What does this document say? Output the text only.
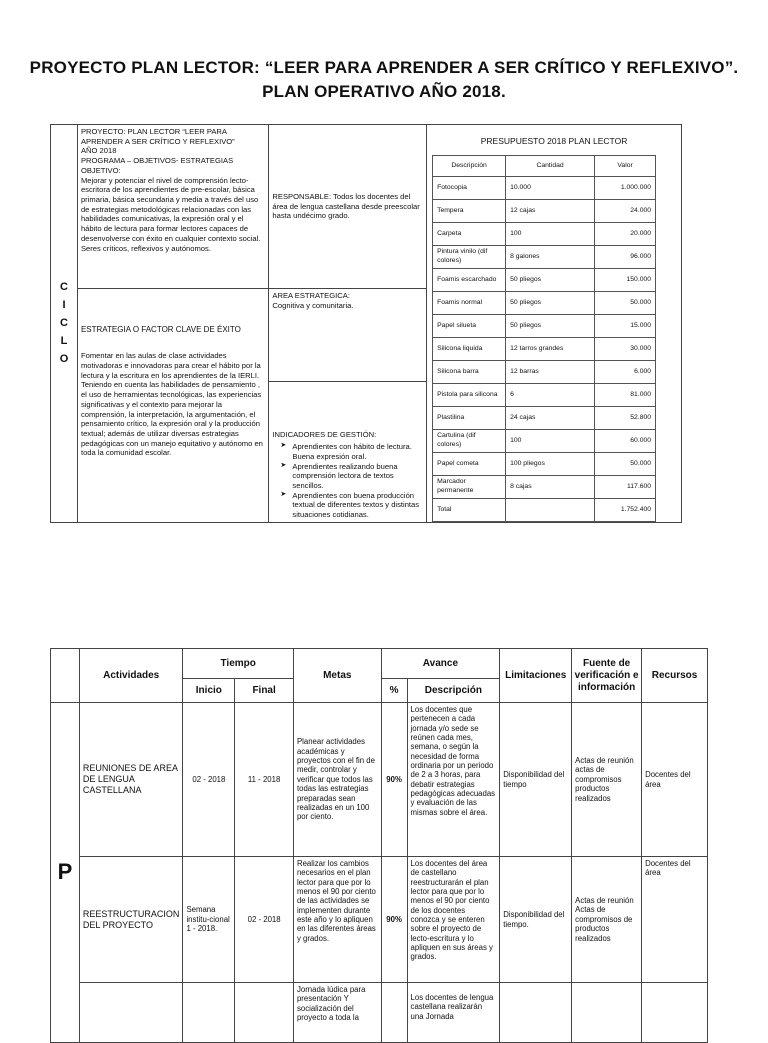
PROYECTO PLAN LECTOR: “LEER PARA APRENDER A SER CRÍTICO Y REFLEXIVO”.
PLAN OPERATIVO AÑO 2018.
C
I
C
L
O

PROYECTO: PLAN LECTOR “LEER PARA
APRENDER A SER CRÍTICO Y REFLEXIVO”
AÑO 2018
PROGRAMA – OBJETIVOS- ESTRATEGIAS
OBJETIVO:
Mejorar y potenciar el nivel de comprensión lecto-escritora de los aprendientes de pre-escolar, básica primaria, básica secundaria y media a través del uso de estrategias metodológicas relacionadas con las habilidades comunicativas, la expresión oral y el hábito de lectura para formar lectores capaces de desenvolverse con éxito en cualquier contexto social. Seres críticos, reflexivos y autónomos.

RESPONSABLE: Todos los docentes del área de lengua castellana desde preescolar hasta undécimo grado.

PRESUPUESTO 2018 PLAN LECTOR
Descripción	Cantidad	Valor
Fotocopia	10.000	1.000.000
Tempera	12 cajas	24.000
Carpeta	100	20.000
Pintura vinilo (dif colores)	8 galones	96.000
Foamis escarchado	50 pliegos	150.000
Foamis normal	50 pliegos	50.000
Papel silueta	50 pliegos	15.000
Silicona liquida	12 tarros grandes	30.000
Silicona barra	12 barras	6.000
Pistola para silicona	6	81.000
Plastilina	24 cajas	52.800
Cartulina (dif colores)	100	60.000
Papel cometa	100 pliegos	50.000
Marcador permanente	8 cajas	117.600
Total		1.752.400

ESTRATEGIA O FACTOR CLAVE DE ÉXITO
Fomentar en las aulas de clase actividades motivadoras e innovadoras para crear el hábito por la lectura y la escritura en los aprendientes de la IERLI. Teniendo en cuenta las habilidades de pensamiento , el uso de herramientas tecnológicas, las experiencias significativas y el contexto para mejorar la comprensión, la interpretación, la argumentación, el pensamiento crítico, la expresión oral y la producción textual; además de utilizar diversas estrategias pedagógicas con un manejo equitativo y autónomo en toda la comunidad escolar.

AREA ESTRATEGICA:
Cognitiva y comunitaria.

INDICADORES DE GESTIÓN:
➤ Aprendientes con hábito de lectura. Buena expresión oral.
➤ Aprendientes realizando buena comprensión lectora de textos sencillos.
➤ Aprendientes con buena producción textual de diferentes textos y distintas situaciones cotidianas.
	Actividades	Tiempo		Metas	Avance		Limitaciones	Fuente de verificación e información	Recursos
		Inicio	Final		%	Descripción			
P	REUNIONES DE AREA DE LENGUA CASTELLANA	02 - 2018	11 - 2018	Planear actividades académicas y proyectos con el fin de medir, controlar y verificar que todos las todas las estrategias preparadas sean realizadas en un 100 por ciento.	90%	Los docentes que pertenecen a cada jornada y/o sede se reúnen cada mes, semana, o según la necesidad de forma ordinaria por un periodo de 2 a 3 horas, para debatir estrategias pedagógicas adecuadas y evaluación de las mismas sobre el área.	Disponibilidad del tiempo	Actas de reunión actas de compromisos productos realizados	Docentes del área
	REESTRUCTURACION DEL PROYECTO	Semana institu-cional 1 - 2018.	02 - 2018	Realizar los cambios necesarios en el plan lector para que por lo menos el 90 por ciento de las actividades se implementen durante este año y lo apliquen en las diferentes áreas y grados.	90%	Los docentes del área de castellano reestructurarán el plan lector para que por lo menos el 90 por ciento de los docentes conozca y se enteren sobre el proyecto de lecto-escritura y lo apliquen en sus áreas y grados.	Disponibilidad del tiempo.	Actas de reunión Actas de compromisos de productos realizados	Docentes del área
				Jornada lúdica para presentación Y socialización del proyecto a toda la		Los docentes de lengua castellana realizarán una Jornada			
